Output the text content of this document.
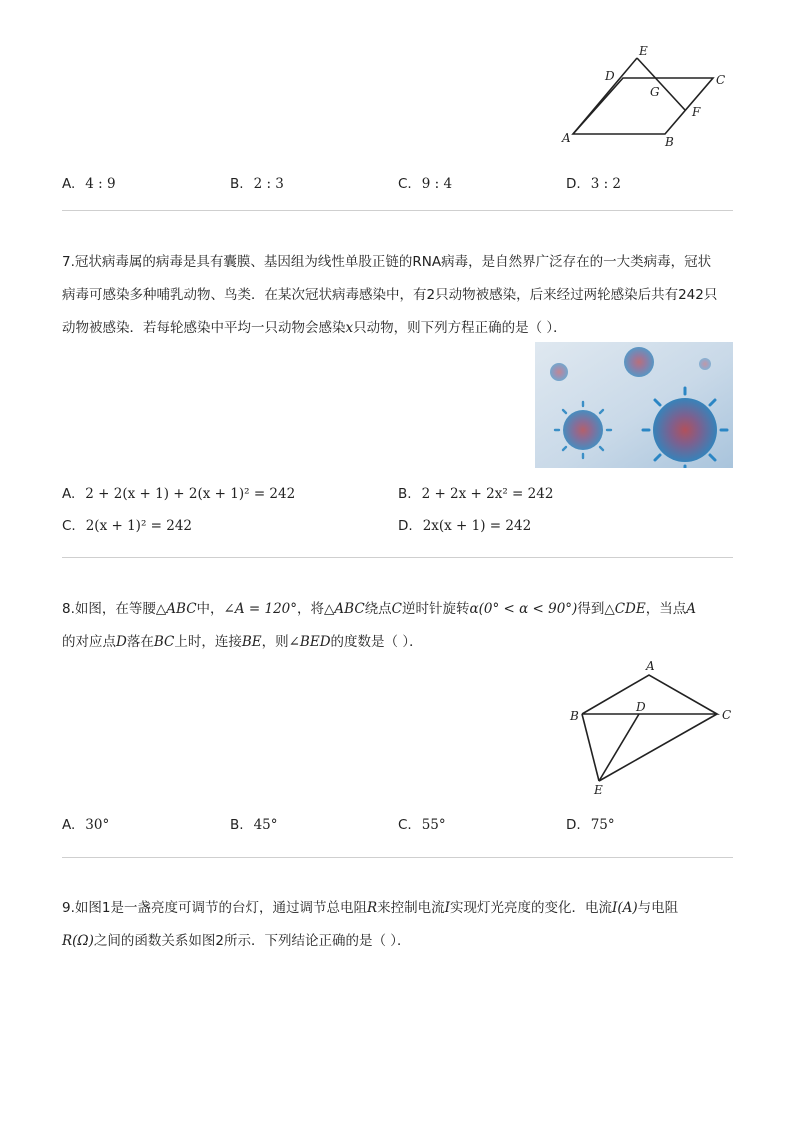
E
D	C
G
F
A	B
A. 4 : 9	B. 2 : 3	C. 9 : 4	D. 3 : 2
7.冠状病毒属的病毒是具有囊膜、基因组为线性单股正链的RNA病毒，是自然界广泛存在的一大类病毒，冠状
病毒可感染多种哺乳动物、鸟类．在某次冠状病毒感染中，有2只动物被感染，后来经过两轮感染后共有242只
动物被感染．若每轮感染中平均一只动物会感染x只动物，则下列方程正确的是（ ）．
A. 2 + 2(x + 1) + 2(x + 1)² = 242	B. 2 + 2x + 2x² = 242
C. 2(x + 1)² = 242	D. 2x(x + 1) = 242
8.如图，在等腰△ABC中，∠A = 120°，将△ABC绕点C逆时针旋转α(0° < α < 90°)得到△CDE，当点A
的对应点D落在BC上时，连接BE，则∠BED的度数是（ ）．
A
B
D
C
E
A. 30°	B. 45°	C. 55°	D. 75°
9.如图1是一盏亮度可调节的台灯，通过调节总电阻R来控制电流I实现灯光亮度的变化．电流I(A)与电阻
R(Ω)之间的函数关系如图2所示．下列结论正确的是（ ）．
